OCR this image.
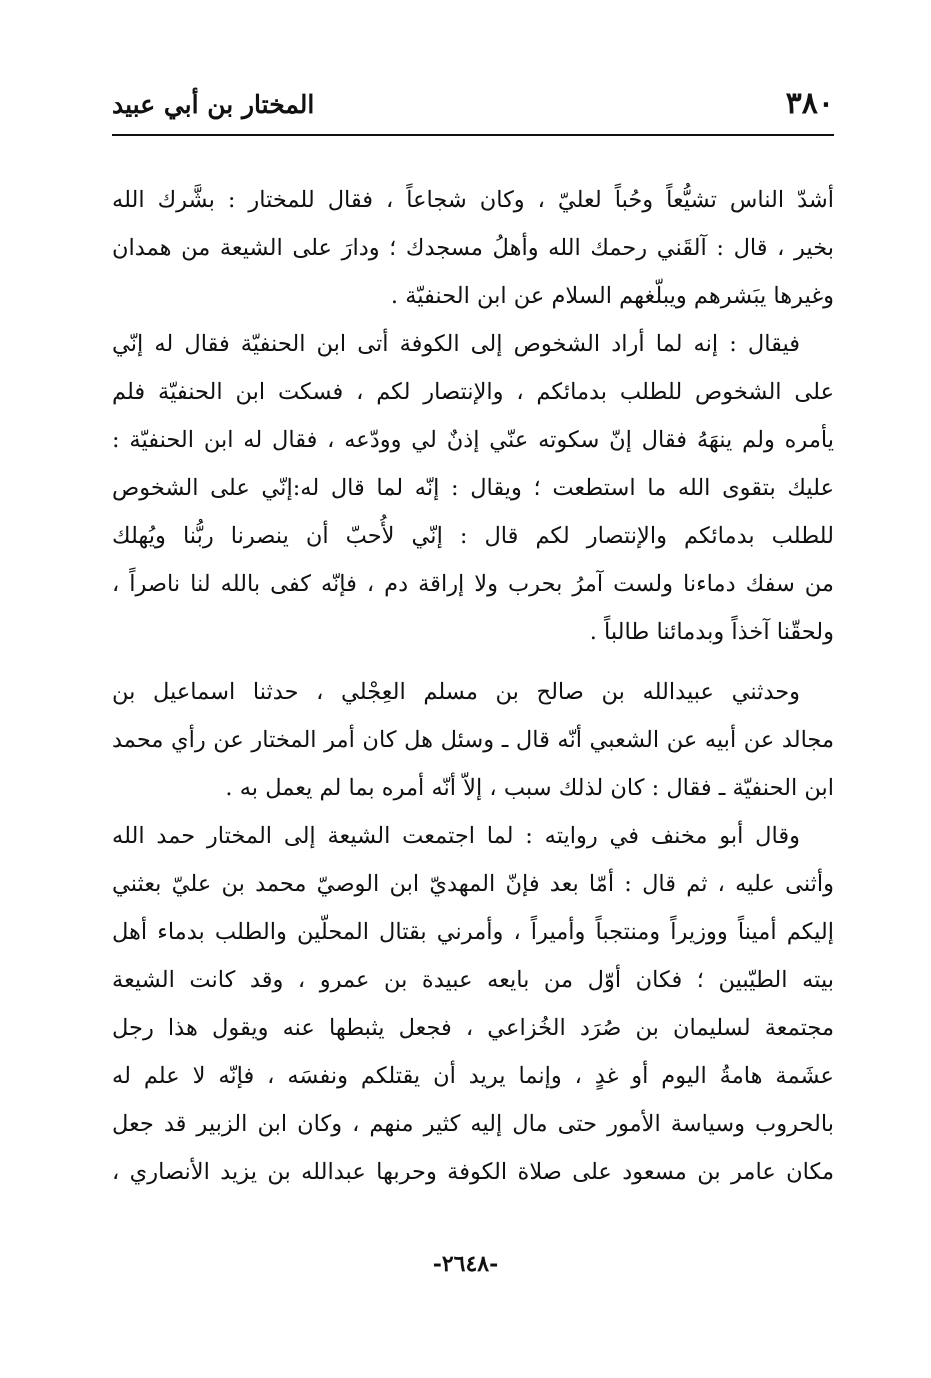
٣٨٠
المختار بن أبي عبيد
أشدّ الناس تشيُّعاً وحُباً لعليّ ، وكان شجاعاً ، فقال للمختار : بشَّرك الله
بخير ، قال : آلقَني رحمك الله وأهلُ مسجدك ؛ ودارَ على الشيعة من همدان
وغيرها يبَشرهم ويبلّغهم السلام عن ابن الحنفيّة .
فيقال : إنه لما أراد الشخوص إلى الكوفة أتى ابن الحنفيّة فقال له إنّي
على الشخوص للطلب بدمائكم ، والإنتصار لكم ، فسكت ابن الحنفيّة فلم
يأمره ولم ينهَهُ فقال إنّ سكوته عنّي إذنٌ لي وودّعه ، فقال له ابن الحنفيّة :
عليك بتقوى الله ما استطعت ؛ ويقال : إنّه لما قال له:إنّي على الشخوص
للطلب بدمائكم والإنتصار لكم قال : إنّي لأُحبّ أن ينصرنا ربُّنا ويُهلك
من سفك دماءنا ولست آمرُ بحرب ولا إراقة دم ، فإنّه كفى بالله لنا ناصراً ،
ولحقّنا آخذاً وبدمائنا طالباً .
وحدثني عبيدالله بن صالح بن مسلم العِجْلي ، حدثنا اسماعيل بن
مجالد عن أبيه عن الشعبي أنّه قال ـ وسئل هل كان أمر المختار عن رأي محمد
ابن الحنفيّة ـ فقال : كان لذلك سبب ، إلاّ أنّه أمره بما لم يعمل به .
وقال أبو مخنف في روايته : لما اجتمعت الشيعة إلى المختار حمد الله
وأثنى عليه ، ثم قال : أمّا بعد فإنّ المهديّ ابن الوصيّ محمد بن عليّ بعثني
إليكم أميناً ووزيراً ومنتجباً وأميراً ، وأمرني بقتال المحلّين والطلب بدماء أهل
بيته الطيّبين ؛ فكان أوّل من بايعه عبيدة بن عمرو ، وقد كانت الشيعة
مجتمعة لسليمان بن صُرَد الخُزاعي ، فجعل يثبطها عنه ويقول هذا رجل
عشَمة هامةُ اليوم أو غدٍ ، وإنما يريد أن يقتلكم ونفسَه ، فإنّه لا علم له
بالحروب وسياسة الأمور حتى مال إليه كثير منهم ، وكان ابن الزبير قد جعل
مكان عامر بن مسعود على صلاة الكوفة وحربها عبدالله بن يزيد الأنصاري ،
-٢٦٤٨-
